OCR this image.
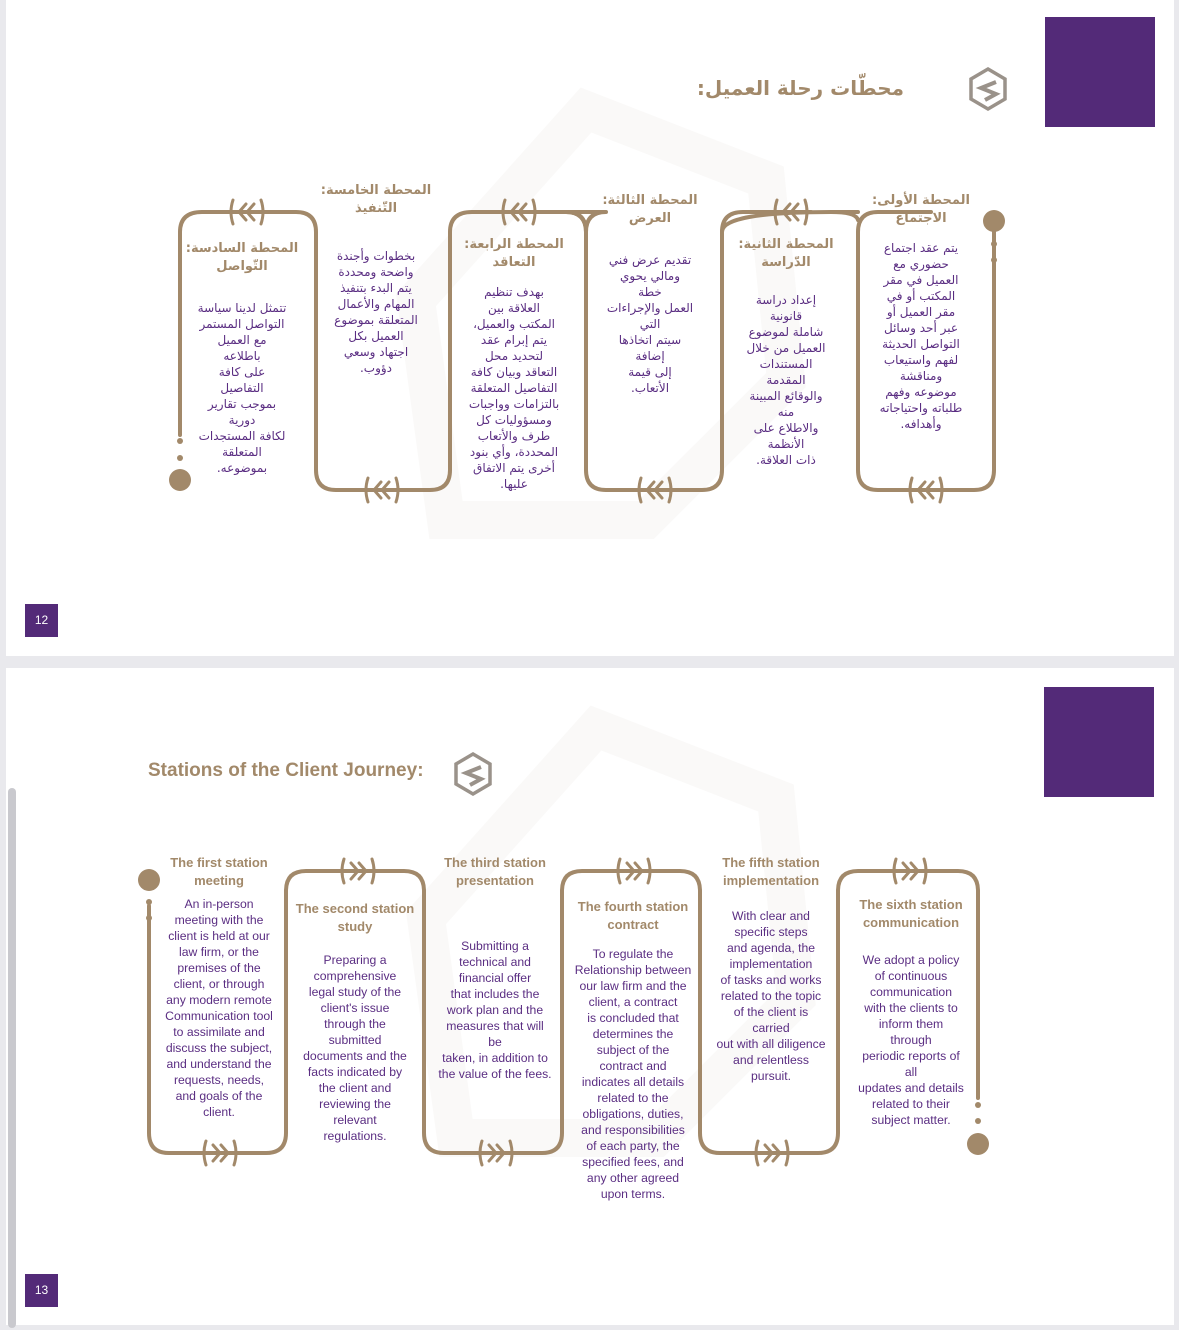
محطّات رحلة العميل:
12
المحطة الأولى:
الاجتماع
يتم عقد اجتماع
حضوري مع
العميل في مقر
المكتب أو في
مقر العميل أو
عبر أحد وسائل
التواصل الحديثة
لفهم واستيعاب
ومناقشة
موضوعه وفهم
طلباته واحتياجاته
وأهدافه.
المحطة الثانية:
الدّراسة
إعداد دراسة
قانونية
شاملة لموضوع
العميل من خلال
المستندات
المقدمة
والوقائع المبينة
منه
والاطلاع على
الأنظمة
ذات العلاقة.
المحطة الثالثة:
العرض
تقديم عرض فني
ومالي يحوي
خطة
العمل والإجراءات
التي
سيتم اتخاذها
إضافة
إلى قيمة
الأتعاب.
المحطة الرابعة:
التعاقد
بهدف تنظيم
العلاقة بين
المكتب والعميل،
يتم إبرام عقد
لتحديد محل
التعاقد وبيان كافة
التفاصيل المتعلقة
بالتزامات وواجبات
ومسؤوليات كل
طرف والأتعاب
المحددة، وأي بنود
أخرى يتم الاتفاق
عليها.
المحطة الخامسة:
التّنفيذ
بخطوات وأجندة
واضحة ومحددة
يتم البدء بتنفيذ
المهام والأعمال
المتعلقة بموضوع
العميل بكل
اجتهاد وسعي
دؤوب.
المحطة السادسة:
التّواصل
تتمثل لدينا سياسة
التواصل المستمر
مع العميل
باطلاعه
على كافة
التفاصيل
بموجب تقارير
دورية
لكافة المستجدات
المتعلقة
بموضوعه.
Stations of the Client Journey:
13
The first station
meeting
An in-person
meeting with the
client is held at our
law firm, or the
premises of the
client, or through
any modern remote
Communication tool
to assimilate and
discuss the subject,
and understand the
requests, needs,
and goals of the
client.
The second station
study
Preparing a
comprehensive
legal study of the
client's issue
through the
submitted
documents and the
facts indicated by
the client and
reviewing the
relevant
regulations.
The third station
presentation
Submitting a
technical and
financial offer
that includes the
work plan and the
measures that will
be
taken, in addition to
the value of the fees.
The fourth station
contract
To regulate the
Relationship between
our law firm and the
client, a contract
is concluded that
determines the
subject of the
contract and
indicates all details
related to the
obligations, duties,
and responsibilities
of each party, the
specified fees, and
any other agreed
upon terms.
The fifth station
implementation
With clear and
specific steps
and agenda, the
implementation
of tasks and works
related to the topic
of the client is
carried
out with all diligence
and relentless
pursuit.
The sixth station
communication
We adopt a policy
of continuous
communication
with the clients to
inform them
through
periodic reports of
all
updates and details
related to their
subject matter.
